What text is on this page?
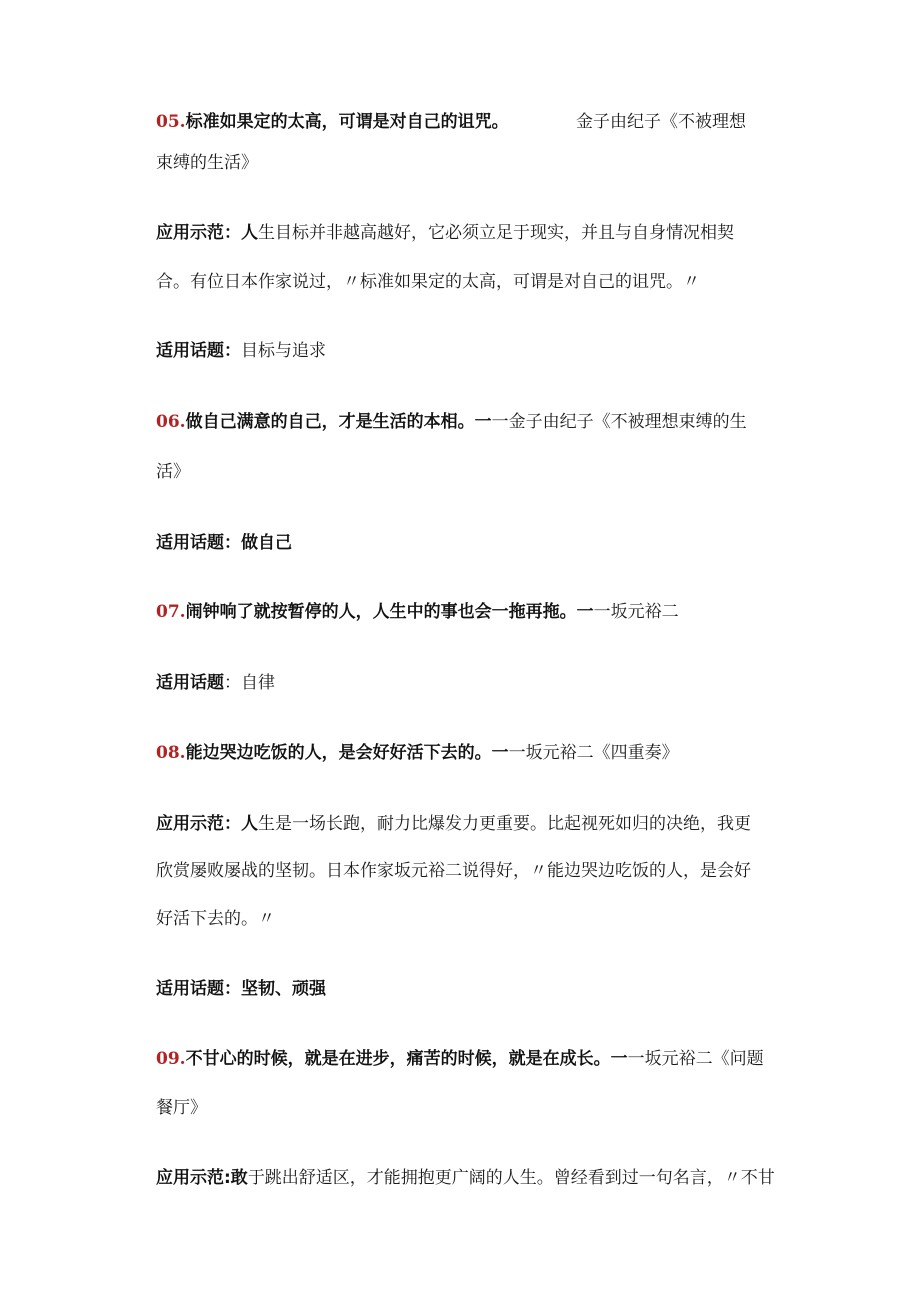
05.标准如果定的太高，可谓是对自己的诅咒。	金子由纪子《不被理想
束缚的生活》
应用示范：人生目标并非越高越好，它必须立足于现实，并且与自身情况相契
合。有位日本作家说过，〃标准如果定的太高，可谓是对自己的诅咒。〃
适用话题：目标与追求
06.做自己满意的自己，才是生活的本相。一一金子由纪子《不被理想束缚的生
活》
适用话题：做自己
07.闹钟响了就按暂停的人，人生中的事也会一拖再拖。一一坂元裕二
适用话题：自律
08.能边哭边吃饭的人，是会好好活下去的。一一坂元裕二《四重奏》
应用示范：人生是一场长跑，耐力比爆发力更重要。比起视死如归的决绝，我更
欣赏屡败屡战的坚韧。日本作家坂元裕二说得好，〃能边哭边吃饭的人，是会好
好活下去的。〃
适用话题：坚韧、顽强
09.不甘心的时候，就是在进步，痛苦的时候，就是在成长。一一坂元裕二《问题
餐厅》
应用示范:敢于跳出舒适区，才能拥抱更广阔的人生。曾经看到过一句名言，〃不甘
